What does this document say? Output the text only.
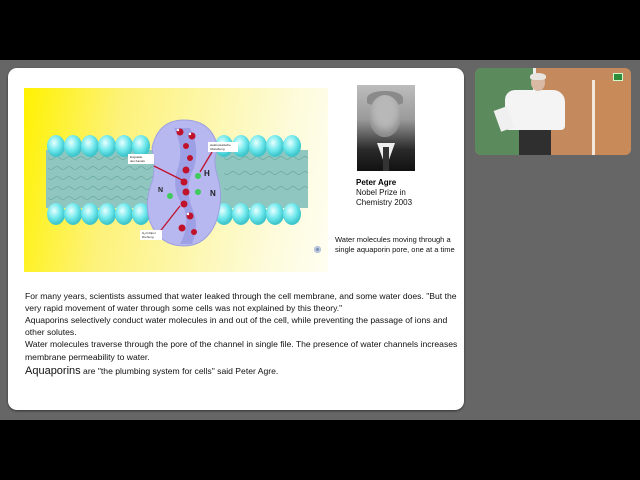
H
N
N
Engstelle
des Kanals
elektrostatische
Abstoßung
H₂O-Dipol
Drehung
Peter Agre
Nobel Prize in Chemistry 2003
Water molecules moving through a single aquaporin pore, one at a time

For many years, scientists assumed that water leaked through the cell membrane, and some water does. "But the very rapid movement of water through some cells was not explained by this theory."

Aquaporins selectively conduct water molecules in and out of the cell, while preventing the passage of ions and other solutes.

Water molecules traverse through the pore of the channel in single file. The presence of water channels increases membrane permeability to water.

Aquaporins are "the plumbing system for cells" said Peter Agre.
